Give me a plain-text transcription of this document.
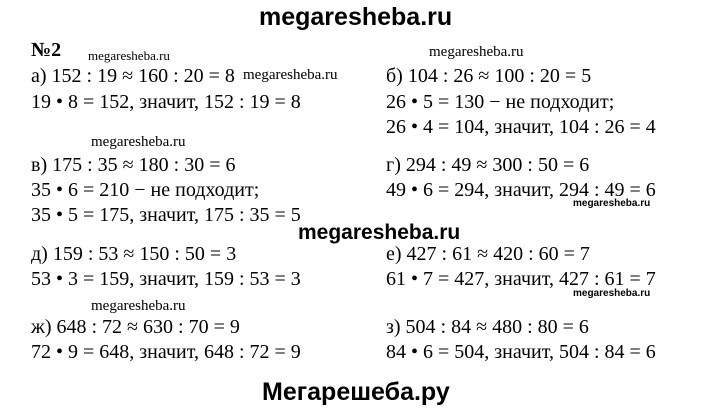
megaresheba.ru
№2 megaresheba.ru	megaresheba.ru
а) 152 : 19 ≈ 160 : 20 = 8 megaresheba.ru
19 • 8 = 152, значит, 152 : 19 = 8
б) 104 : 26 ≈ 100 : 20 = 5
26 • 5 = 130 − не подходит;
26 • 4 = 104, значит, 104 : 26 = 4
megaresheba.ru
в) 175 : 35 ≈ 180 : 30 = 6
35 • 6 = 210 − не подходит;
35 • 5 = 175, значит, 175 : 35 = 5
г) 294 : 49 ≈ 300 : 50 = 6
49 • 6 = 294, значит, 294 : 49 = 6
megaresheba.ru
megaresheba.ru
д) 159 : 53 ≈ 150 : 50 = 3
53 • 3 = 159, значит, 159 : 53 = 3
е) 427 : 61 ≈ 420 : 60 = 7
61 • 7 = 427, значит, 427 : 61 = 7
megaresheba.ru
megaresheba.ru
ж) 648 : 72 ≈ 630 : 70 = 9
72 • 9 = 648, значит, 648 : 72 = 9
з) 504 : 84 ≈ 480 : 80 = 6
84 • 6 = 504, значит, 504 : 84 = 6
Мегарешеба.ру
